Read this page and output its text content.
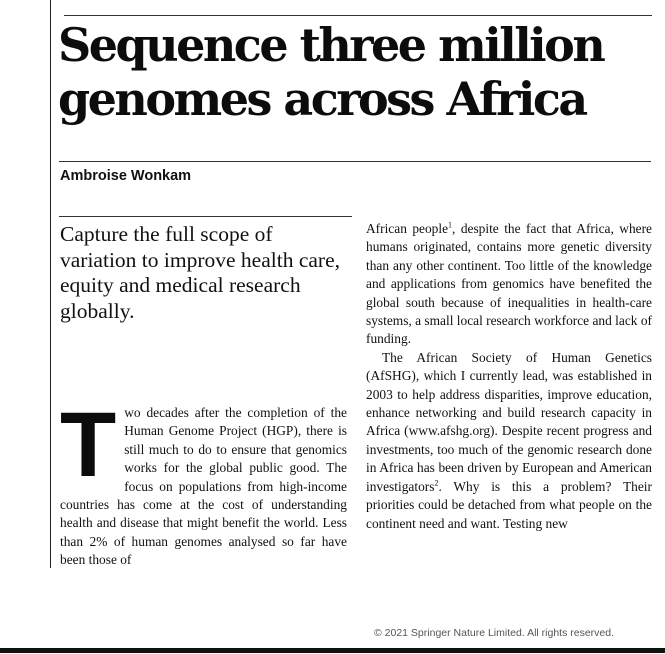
Sequence three million genomes across Africa
Ambroise Wonkam

Capture the full scope of variation to improve health care, equity and medical research globally.

Two decades after the completion of the Human Genome Project (HGP), there is still much to do to ensure that genomics works for the global public good. The focus on populations from high-income countries has come at the cost of understanding health and disease that might benefit the world. Less than 2% of human genomes analysed so far have been those of

African people$^1$, despite the fact that Africa, where humans originated, contains more genetic diversity than any other continent. Too little of the knowledge and applications from genomics have benefited the global south because of inequalities in health-care systems, a small local research workforce and lack of funding.

The African Society of Human Genetics (AfSHG), which I currently lead, was established in 2003 to help address disparities, improve education, enhance networking and build research capacity in Africa (www.afshg.org). Despite recent progress and investments, too much of the genomic research done in Africa has been driven by European and American investigators$^2$. Why is this a problem? Their priorities could be detached from what people on the continent need and want. Testing new

© 2021 Springer Nature Limited. All rights reserved.
